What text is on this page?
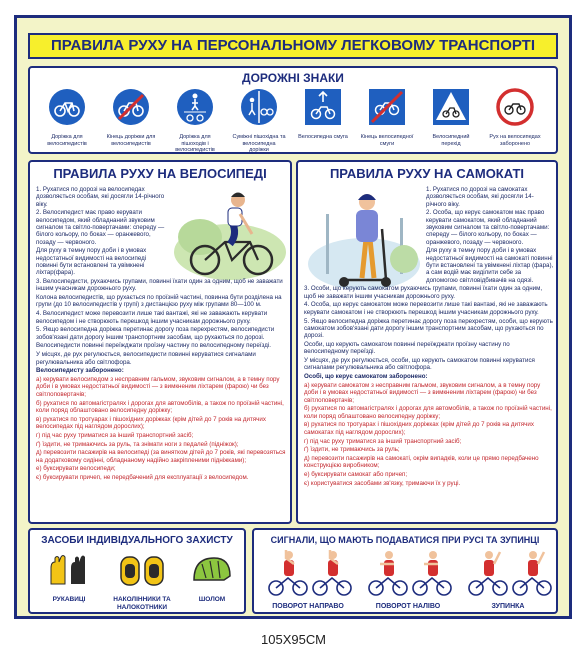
ПРАВИЛА РУХУ НА ПЕРСОНАЛЬНОМУ ЛЕГКОВОМУ ТРАНСПОРТІ
ДОРОЖНІ ЗНАКИ
Доріжка для велосипедистів
Кінець доріжки для велосипедистів
Доріжка для пішоходів і велосипедистів
Суміжні пішохідна та велосипедна доріжки
Велосипедна смуга	Кінець велосипедної смуги
Велосипедний перехід
Рух на велосипедах заборонено
ПРАВИЛА РУХУ НА ВЕЛОСИПЕДІ

1. Рухатися по дорозі на велосипедах дозволяється особам, які досягли 14-річного віку.

2. Велосипедист має право керувати велосипедом, який обладнаний звуковим сигналом та світло-повертачами: спереду — білого кольору, по боках — оранжевого, позаду — червоного.

Для руху в темну пору доби і в умовах недостатньої видимості на велосипеді повинні бути встановлені та увімкнені ліхтар(фара).

3. Велосипедисти, рухаючись групами, повинні їхати один за одним, щоб не заважати іншим учасникам дорожнього руху.

Колона велосипедистів, що рухається по проїзній частині, повинна бути розділена на групи (до 10 велосипедистів у групі) з дистанцією руху між групами 80—100 м.

4. Велосипедист може перевозити лише такі вантажі, які не заважають керувати велосипедом і не створюють перешкод іншим учасникам дорожнього руху.

5. Якщо велосипедна доріжка перетинає дорогу поза перехрестям, велосипедисти зобов'язані дати дорогу іншим транспортним засобам, що рухаються по дорозі.

Велосипедисти повинні переїжджати проїзну частину по велосипедному переїзді.

У місцях, де рух регулюється, велосипедисти повинні керуватися сигналами регулювальника або світлофора.

Велосипедисту заборонено:

а) керувати велосипедом з несправним гальмом, звуковим сигналом, а в темну пору доби і в умовах недостатньої видимості — з вимкненим ліхтарем (фарою) чи без світлоповертачів;

б) рухатися по автомагістралях і дорогах для автомобілів, а також по проїзній частині, коли поряд облаштовано велосипедну доріжку;

в) рухатися по тротуарах і пішохідних доріжках (крім дітей до 7 років на дитячих велосипедах під наглядом дорослих);

г) під час руху триматися за інший транспортний засіб;

ґ) їздити, не тримаючись за руль, та знімати ноги з педалей (підніжок);

д) перевозити пасажирів на велосипеді (за винятком дітей до 7 років, які перевозяться на додатковому сидінні, обладнаному надійно закріпленими підніжками);

е) буксирувати велосипеди;

є) буксирувати причеп, не передбачений для експлуатації з велосипедом.

ПРАВИЛА РУХУ НА САМОКАТІ

1. Рухатися по дорозі на самокатах дозволяється особам, які досягли 14-річного віку.

2. Особа, що керує самокатом має право керувати самокатом, який обладнаний звуковим сигналом та світло-повертачами: спереду — білого кольору, по боках — оранжевого, позаду — червоного.

Для руху в темну пору доби і в умовах недостатньої видимості на самокаті повинні бути встановлені та увімкнені ліхтар (фара), а сам водій має виділити себе за допомогою світловідбивачів на одязі.

3. Особи, що керують самокатом рухаючись групами, повинні їхати один за одним, щоб не заважати іншим учасникам дорожнього руху.

4. Особа, що керує самокатом може перевозити лише такі вантажі, які не заважають керувати самокатом і не створюють перешкод іншим учасникам дорожнього руху.

5. Якщо велосипедна доріжка перетинає дорогу поза перехрестям, особи, що керують самокатом зобов'язані дати дорогу іншим транспортним засобам, що рухаються по дорозі.

Особи, що керують самокатом повинні переїжджати проїзну частину по велосипедному переїзді.

У місцях, де рух регулюється, особи, що керують самокатом повинні керуватися сигналами регулювальника або світлофора.

Особі, що керує самокатом заборонено:

а) керувати самокатом з несправним гальмом, звуковим сигналом, а в темну пору доби і в умовах недостатньої видимості — з вимкненим ліхтарем (фарою) чи без світлоповертачів;

б) рухатися по автомагістралях і дорогах для автомобілів, а також по проїзній частині, коли поряд облаштовано велосипедну доріжку;

в) рухатися по тротуарах і пішохідних доріжках (крім дітей до 7 років на дитячих самокатах під наглядом дорослих);

г) під час руху триматися за інший транспортний засіб;

ґ) їздити, не тримаючись за руль;

д) перевозити пасажирів на самокаті, окрім випадків, коли це прямо передбачено конструкцією виробником;

е) буксирувати самокат або причеп;

є) користуватися засобами зв'язку, тримаючи їх у руці.

ЗАСОБИ ІНДИВІДУАЛЬНОГО ЗАХИСТУ
РУКАВИЦІ	НАКОЛІННИКИ ТА НАЛОКОТНИКИ
ШОЛОМ
СИГНАЛИ, ЩО МАЮТЬ ПОДАВАТИСЯ ПРИ РУСІ ТА ЗУПИНЦІ
ПОВОРОТ НАПРАВО	ПОВОРОТ НАЛІВО	ЗУПИНКА
105Х95СМ
